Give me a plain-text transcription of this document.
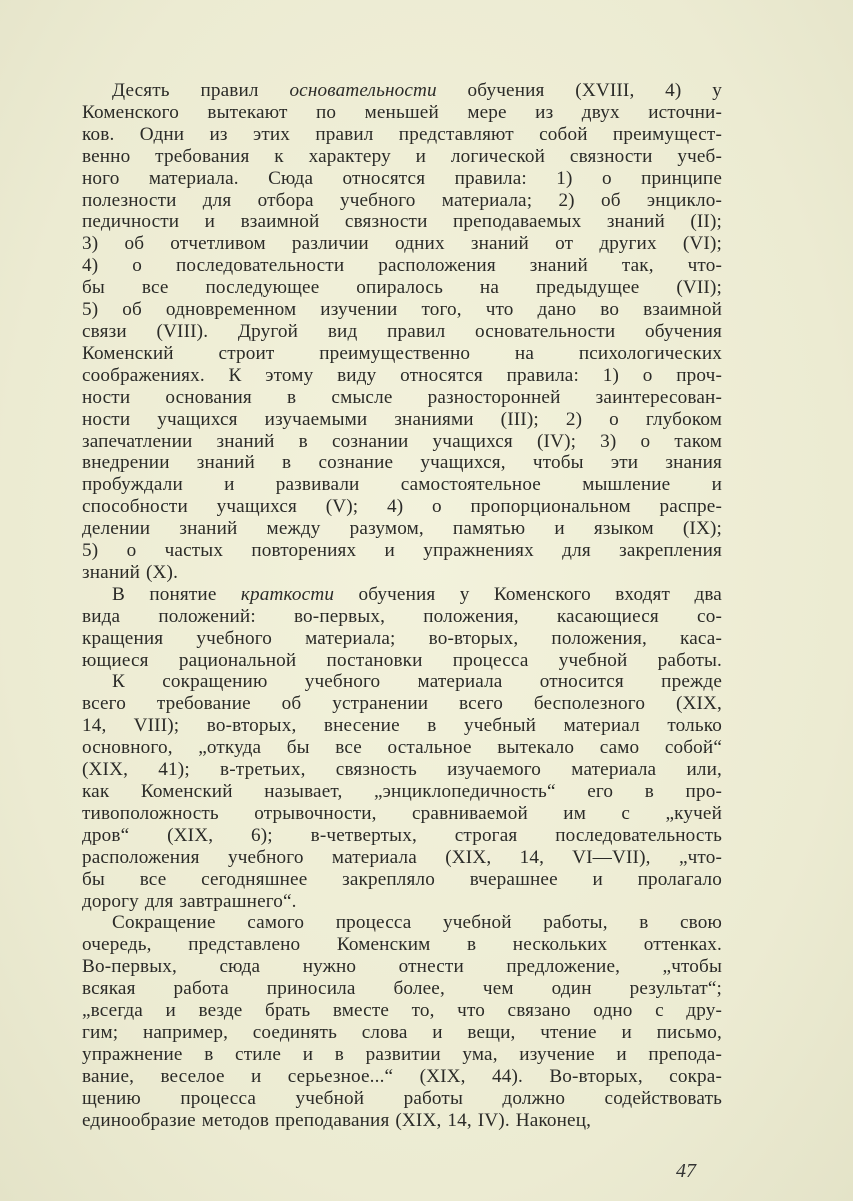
Десять правил основательности обучения (XVIII, 4) у
Коменского вытекают по меньшей мере из двух источни-
ков. Одни из этих правил представляют собой преимущест-
венно требования к характеру и логической связности учеб-
ного материала. Сюда относятся правила: 1) о принципе
полезности для отбора учебного материала; 2) об энцикло-
педичности и взаимной связности преподаваемых знаний (II);
3) об отчетливом различии одних знаний от других (VI);
4) о последовательности расположения знаний так, что-
бы все последующее опиралось на предыдущее (VII);
5) об одновременном изучении того, что дано во взаимной
связи (VIII). Другой вид правил основательности обучения
Коменский строит преимущественно на психологических
соображениях. К этому виду относятся правила: 1) о проч-
ности основания в смысле разносторонней заинтересован-
ности учащихся изучаемыми знаниями (III); 2) о глубоком
запечатлении знаний в сознании учащихся (IV); 3) о таком
внедрении знаний в сознание учащихся, чтобы эти знания
пробуждали и развивали самостоятельное мышление и
способности учащихся (V); 4) о пропорциональном распре-
делении знаний между разумом, памятью и языком (IX);
5) о частых повторениях и упражнениях для закрепления
знаний (X).
В понятие краткости обучения у Коменского входят два
вида положений: во-первых, положения, касающиеся со-
кращения учебного материала; во-вторых, положения, каса-
ющиеся рациональной постановки процесса учебной работы.
К сокращению учебного материала относится прежде
всего требование об устранении всего бесполезного (XIX,
14, VIII); во-вторых, внесение в учебный материал только
основного, „откуда бы все остальное вытекало само собой“
(XIX, 41); в-третьих, связность изучаемого материала или,
как Коменский называет, „энциклопедичность“ его в про-
тивоположность отрывочности, сравниваемой им с „кучей
дров“ (XIX, 6); в-четвертых, строгая последовательность
расположения учебного материала (XIX, 14, VI—VII), „что-
бы все сегодняшнее закрепляло вчерашнее и пролагало
дорогу для завтрашнего“.
Сокращение самого процесса учебной работы, в свою
очередь, представлено Коменским в нескольких оттенках.
Во-первых, сюда нужно отнести предложение, „чтобы
всякая работа приносила более, чем один результат“;
„всегда и везде брать вместе то, что связано одно с дру-
гим; например, соединять слова и вещи, чтение и письмо,
упражнение в стиле и в развитии ума, изучение и препода-
вание, веселое и серьезное...“ (XIX, 44). Во-вторых, сокра-
щению процесса учебной работы должно содействовать
единообразие методов преподавания (XIX, 14, IV). Наконец,
47
